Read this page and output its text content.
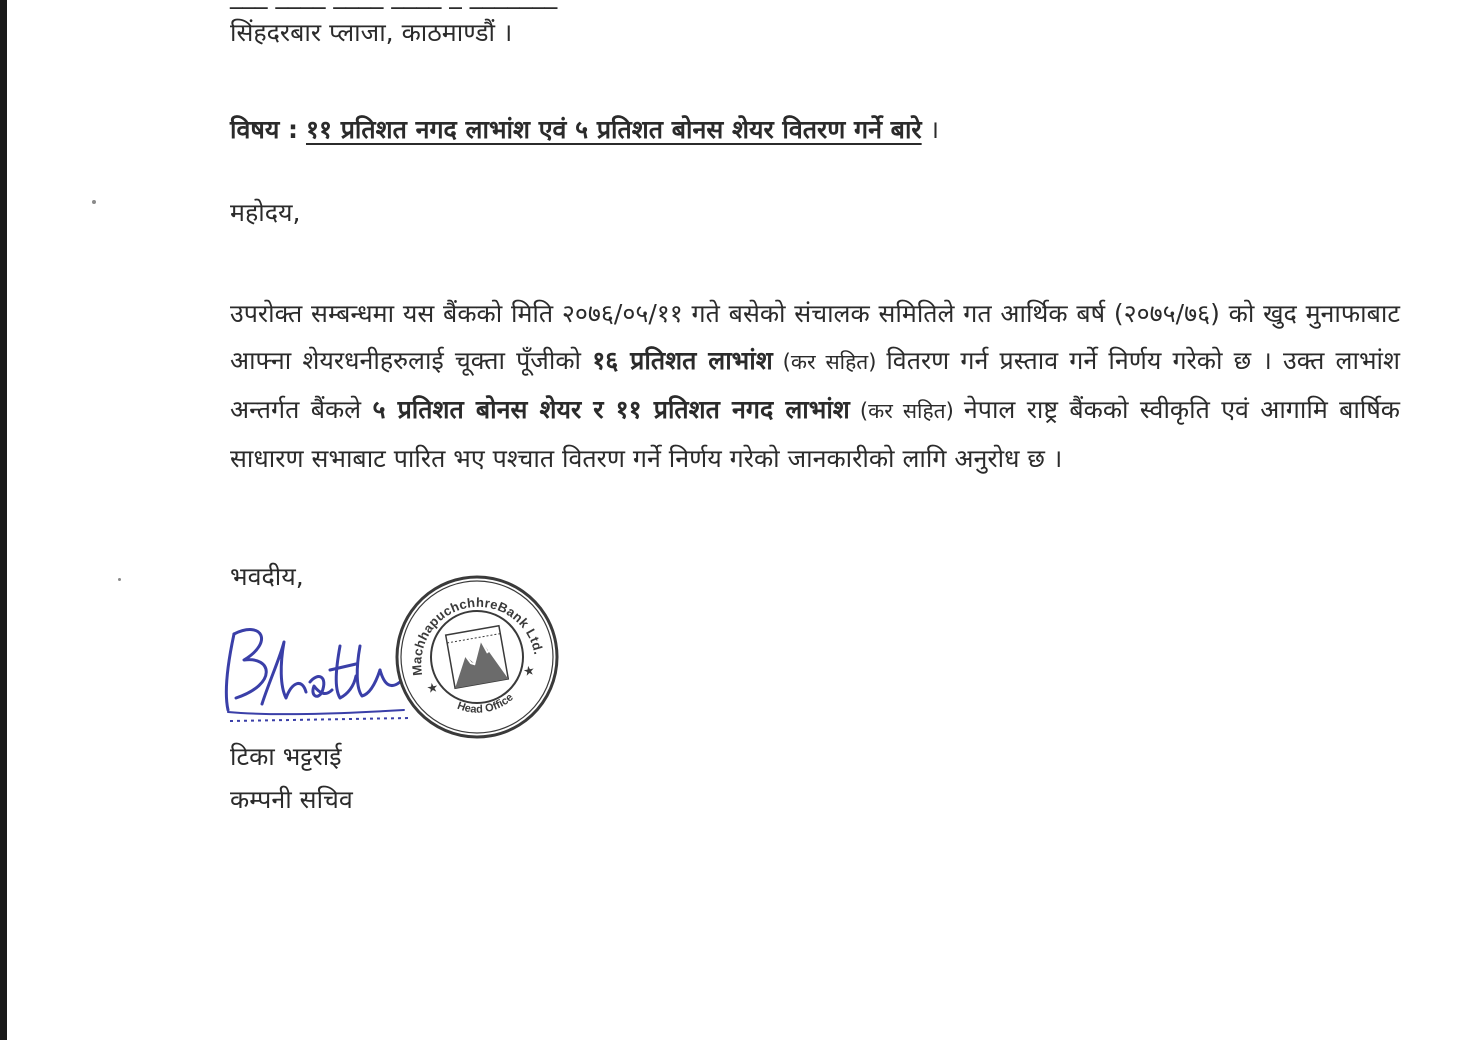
सिंहदरबार प्लाजा, काठमाण्डौं ।
विषय : ११ प्रतिशत नगद लाभांश एवं ५ प्रतिशत बोनस शेयर वितरण गर्ने बारे ।
महोदय,
उपरोक्त सम्बन्धमा यस बैंकको मिति २०७६/०५/११ गते बसेको संचालक समितिले गत आर्थिक बर्ष (२०७५/७६) को खुद मुनाफाबाट आफ्ना शेयरधनीहरुलाई चूक्ता पूँजीको १६ प्रतिशत लाभांश (कर सहित) वितरण गर्न प्रस्ताव गर्ने निर्णय गरेको छ । उक्त लाभांश अन्तर्गत बैंकले ५ प्रतिशत बोनस शेयर र ११ प्रतिशत नगद लाभांश (कर सहित) नेपाल राष्ट्र बैंकको स्वीकृति एवं आगामि बार्षिक साधारण सभाबाट पारित भए पश्चात वितरण गर्ने निर्णय गरेको जानकारीको लागि अनुरोध छ ।
भवदीय,
MachhapuchchhreBank Ltd.
Head Office
★
★
टिका भट्टराई
कम्पनी सचिव
